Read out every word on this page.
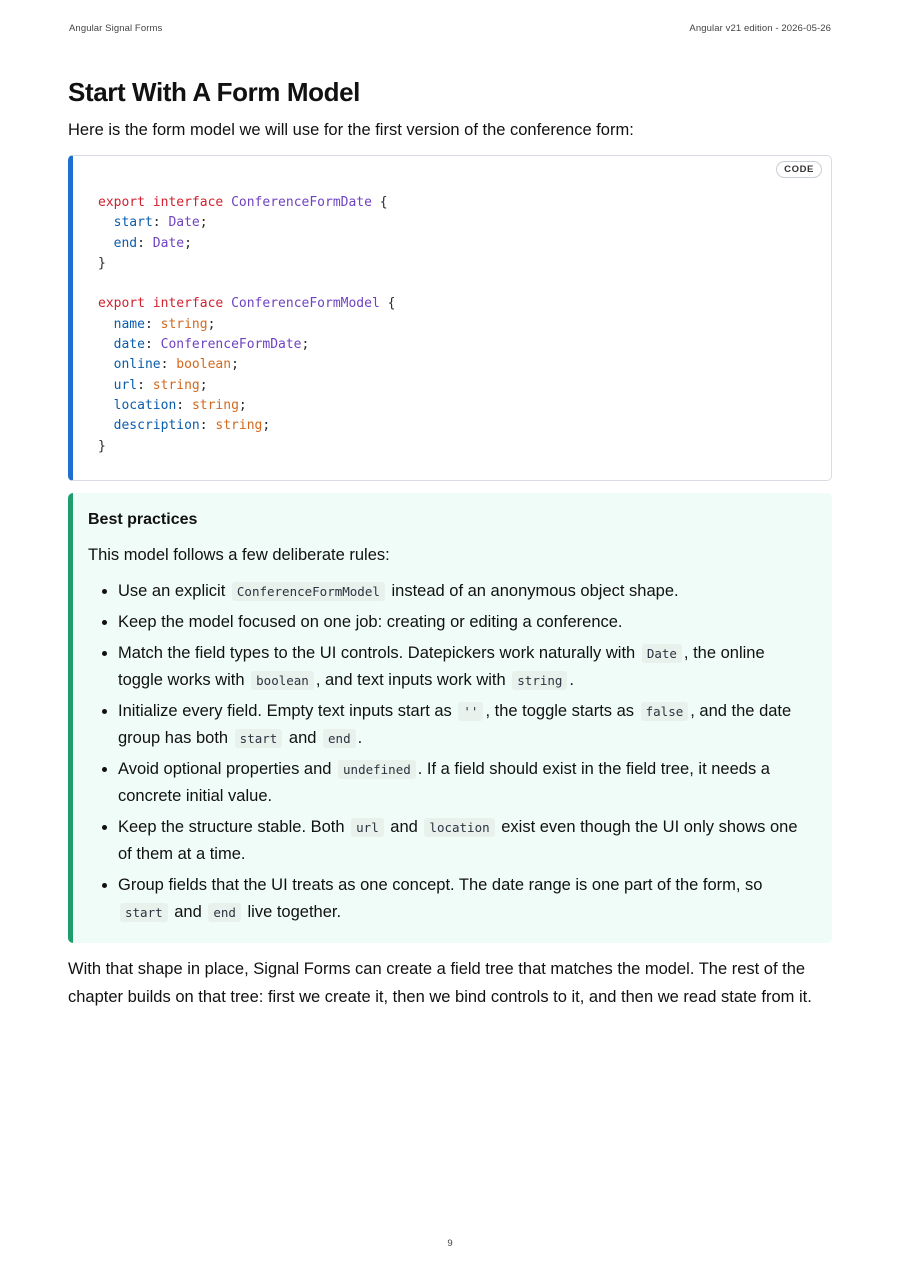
Angular Signal Forms	Angular v21 edition - 2026-05-26
Start With A Form Model

Here is the form model we will use for the first version of the conference form:

CODE
export interface ConferenceFormDate {
start: Date;
end: Date;
}

export interface ConferenceFormModel {
name: string;
date: ConferenceFormDate;
online: boolean;
url: string;
location: string;
description: string;
}

Best practices

This model follows a few deliberate rules:

• Use an explicit ConferenceFormModel instead of an anonymous object shape.
• Keep the model focused on one job: creating or editing a conference.
• Match the field types to the UI controls. Datepickers work naturally with Date , the online toggle works with boolean , and text inputs work with string .
• Initialize every field. Empty text inputs start as '' , the toggle starts as false , and the date group has both start and end .
• Avoid optional properties and undefined . If a field should exist in the field tree, it needs a concrete initial value.
• Keep the structure stable. Both url and location exist even though the UI only shows one of them at a time.
• Group fields that the UI treats as one concept. The date range is one part of the form, so start and end live together.

With that shape in place, Signal Forms can create a field tree that matches the model. The rest of the chapter builds on that tree: first we create it, then we bind controls to it, and then we read state from it.

9
